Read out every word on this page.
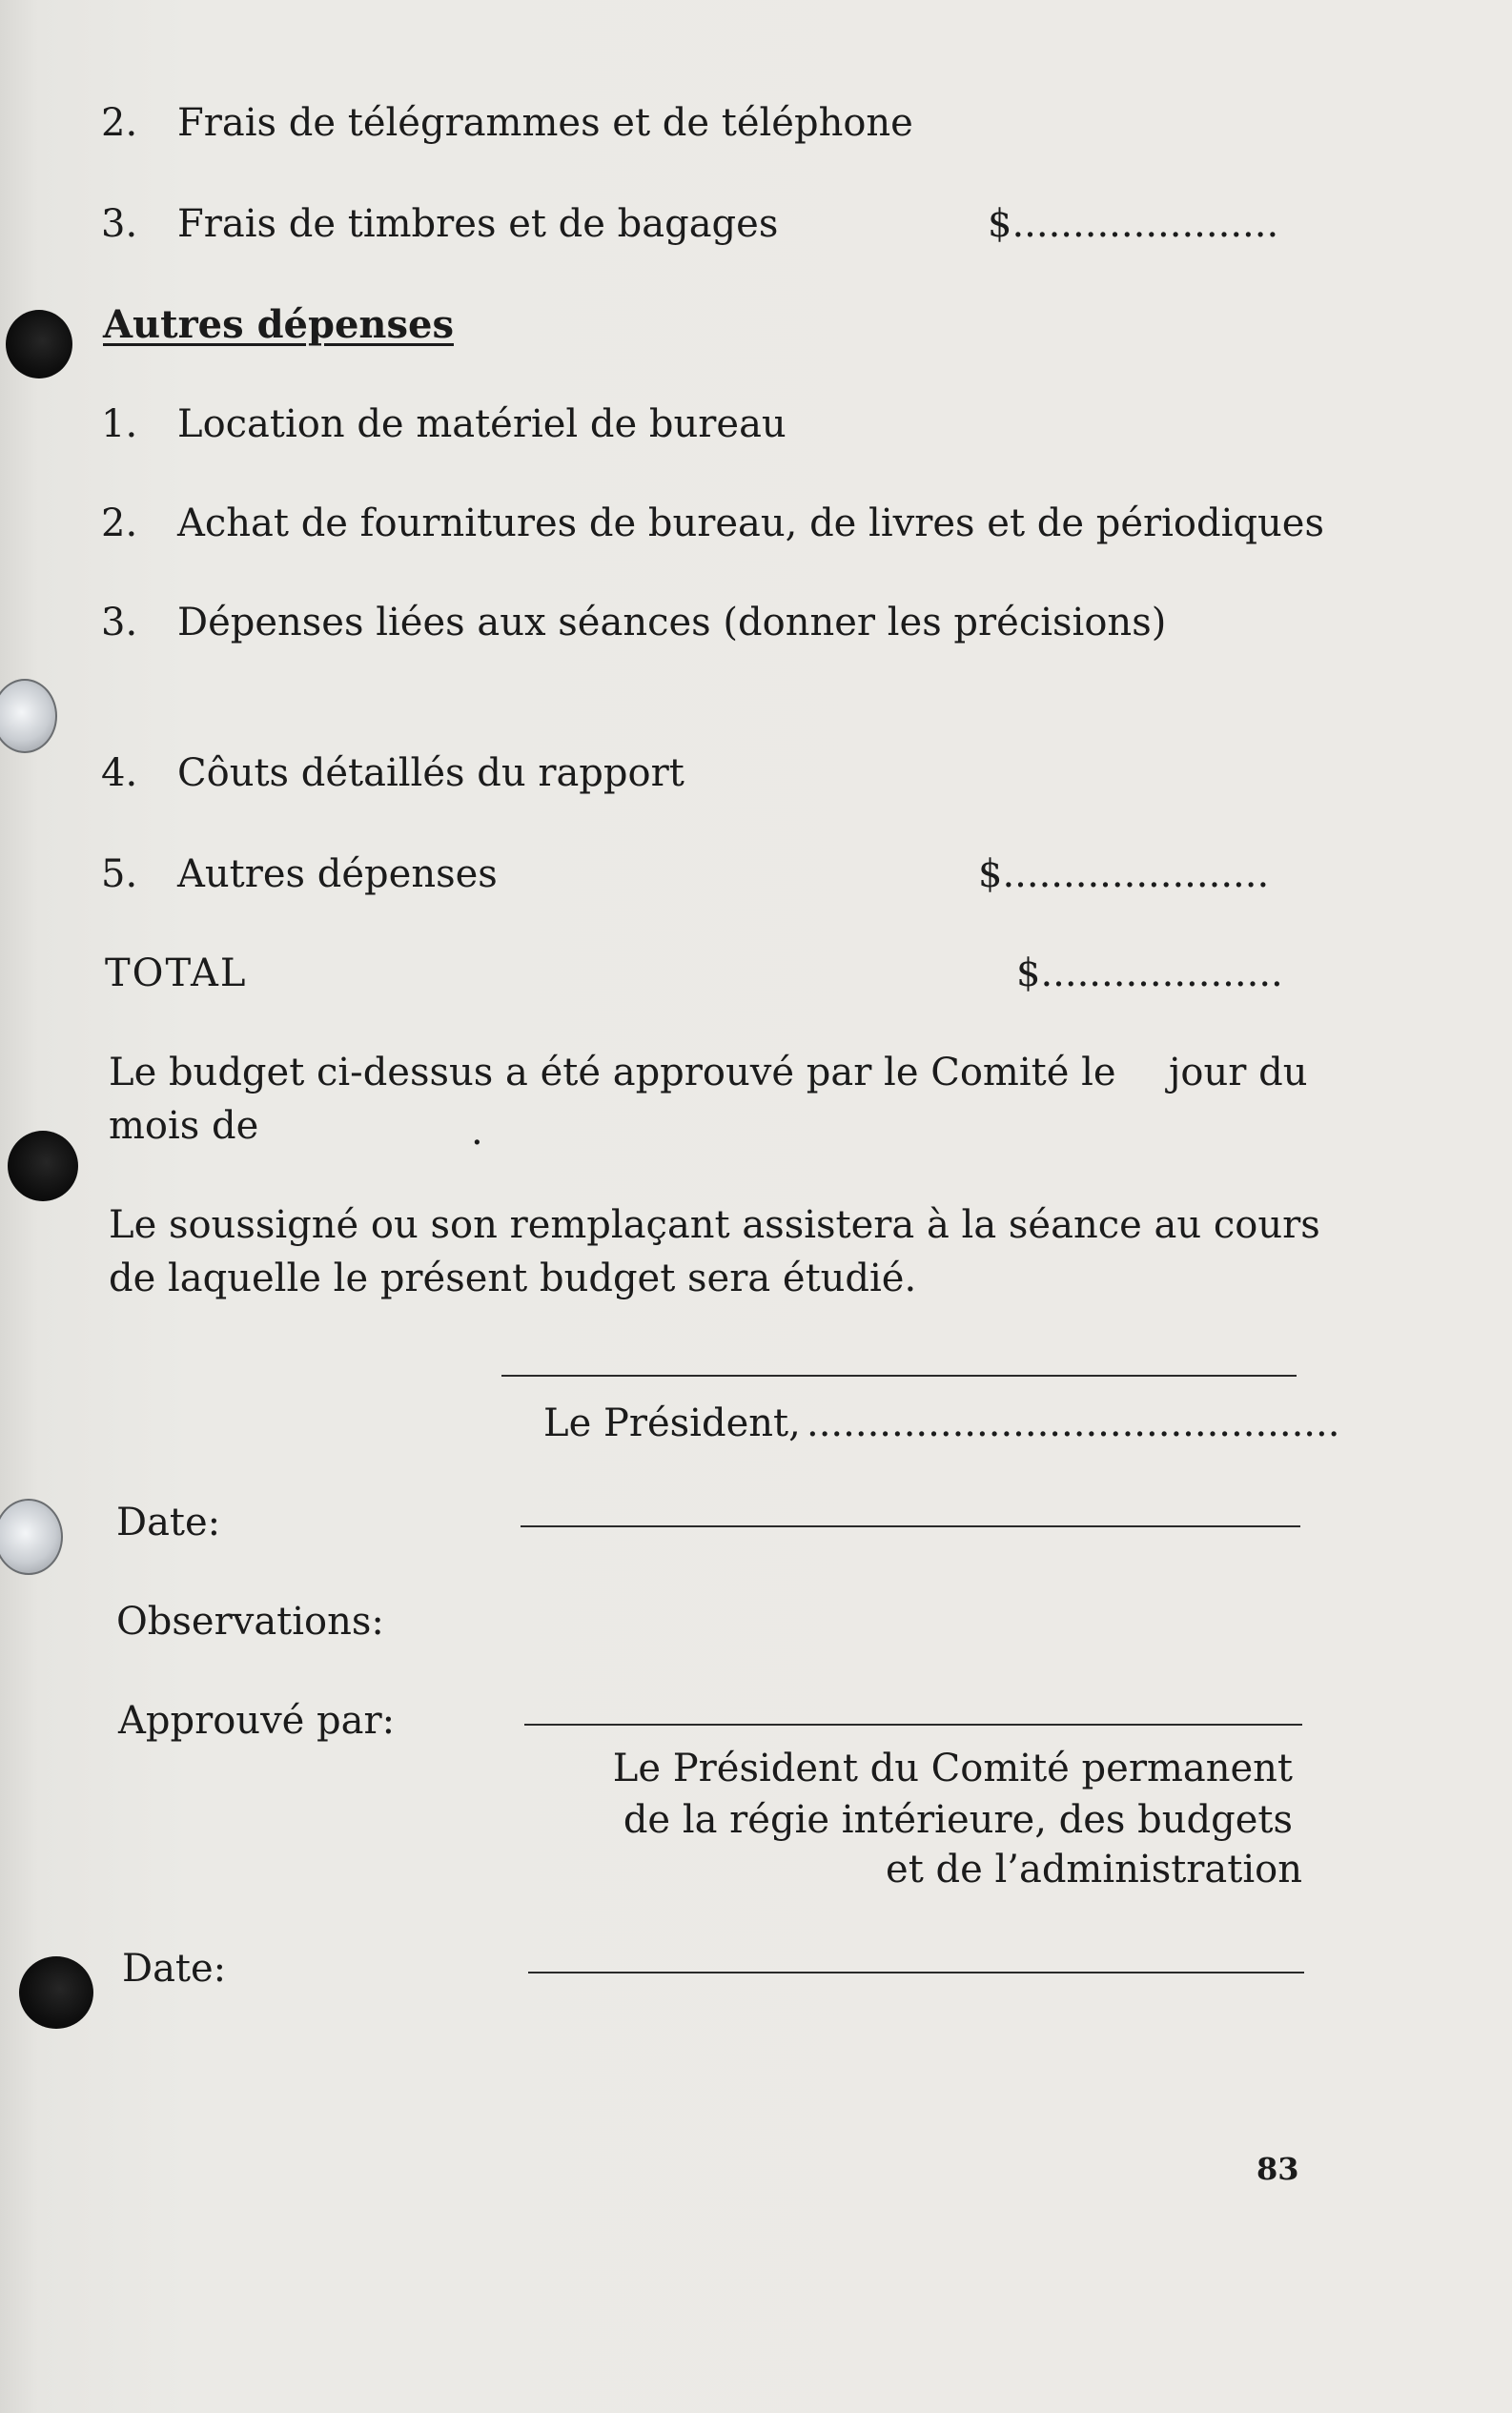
2. Frais de télégrammes et de téléphone
3. Frais de timbres et de bagages	$......................
Autres dépenses
1. Location de matériel de bureau
2. Achat de fournitures de bureau, de livres et de périodiques
3. Dépenses liées aux séances (donner les précisions)
4. Côuts détaillés du rapport
5. Autres dépenses	$......................
TOTAL	$....................
Le budget ci-dessus a été approuvé par le Comité le jour du
mois de	.
Le soussigné ou son remplaçant assistera à la séance au cours
de laquelle le présent budget sera étudié.
Le Président, ............................................
Date:
Observations:
Approuvé par:
Le Président du Comité permanent
de la régie intérieure, des budgets
et de l’administration
Date:
83
